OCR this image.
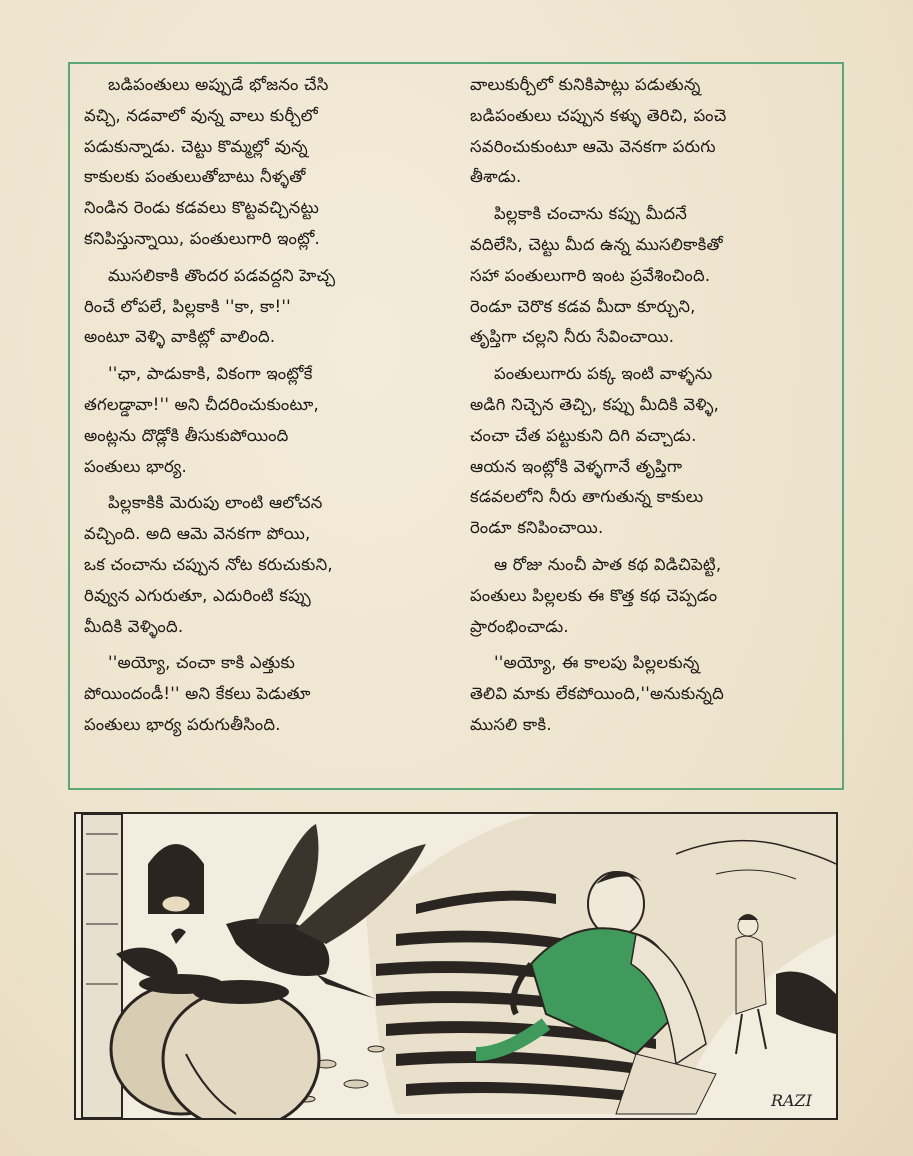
బడిపంతులు అప్పుడే భోజనం చేసి
వచ్చి, నడవాలో వున్న వాలు కుర్చీలో
పడుకున్నాడు. చెట్టు కొమ్మల్లో వున్న
కాకులకు పంతులుతోబాటు నీళ్ళతో
నిండిన రెండు కడవలు కొట్టవచ్చినట్టు
కనిపిస్తున్నాయి, పంతులుగారి ఇంట్లో.

ముసలికాకి తొందర పడవద్దని హెచ్చ
రించే లోపలే, పిల్లకాకి ''కా, కా!''
అంటూ వెళ్ళి వాకిట్లో వాలింది.

''ఛా, పాడుకాకి, వికంగా ఇంట్లోకే
తగలడ్డావా!'' అని చీదరించుకుంటూ,
అంట్లను దొడ్లోకి తీసుకుపోయింది
పంతులు భార్య.

పిల్లకాకికి మెరుపు లాంటి ఆలోచన
వచ్చింది. అది ఆమె వెనకగా పోయి,
ఒక చంచాను చప్పున నోట కరుచుకుని,
రివ్వున ఎగురుతూ, ఎదురింటి కప్పు
మీదికి వెళ్ళింది.

''అయ్యో, చంచా కాకి ఎత్తుకు
పోయిందండీ!'' అని కేకలు పెడుతూ
పంతులు భార్య పరుగుతీసింది.

వాలుకుర్చీలో కునికిపాట్లు పడుతున్న
బడిపంతులు చప్పున కళ్ళు తెరిచి, పంచె
సవరించుకుంటూ ఆమె వెనకగా పరుగు
తీశాడు.

పిల్లకాకి చంచాను కప్పు మీదనే
వదిలేసి, చెట్టు మీద ఉన్న ముసలికాకితో
సహా పంతులుగారి ఇంట ప్రవేశించింది.
రెండూ చెరొక కడవ మీదా కూర్చుని,
తృప్తిగా చల్లని నీరు సేవించాయి.

పంతులుగారు పక్క ఇంటి వాళ్ళను
అడిగి నిచ్చెన తెచ్చి, కప్పు మీదికి వెళ్ళి,
చంచా చేత పట్టుకుని దిగి వచ్చాడు.
ఆయన ఇంట్లోకి వెళ్ళగానే తృప్తిగా
కడవలలోని నీరు తాగుతున్న కాకులు
రెండూ కనిపించాయి.

ఆ రోజు నుంచీ పాత కథ విడిచిపెట్టి,
పంతులు పిల్లలకు ఈ కొత్త కథ చెప్పడం
ప్రారంభించాడు.

''అయ్యో, ఈ కాలపు పిల్లలకున్న
తెలివి మాకు లేకపోయింది,''అనుకున్నది
ముసలి కాకి.

RAZI
